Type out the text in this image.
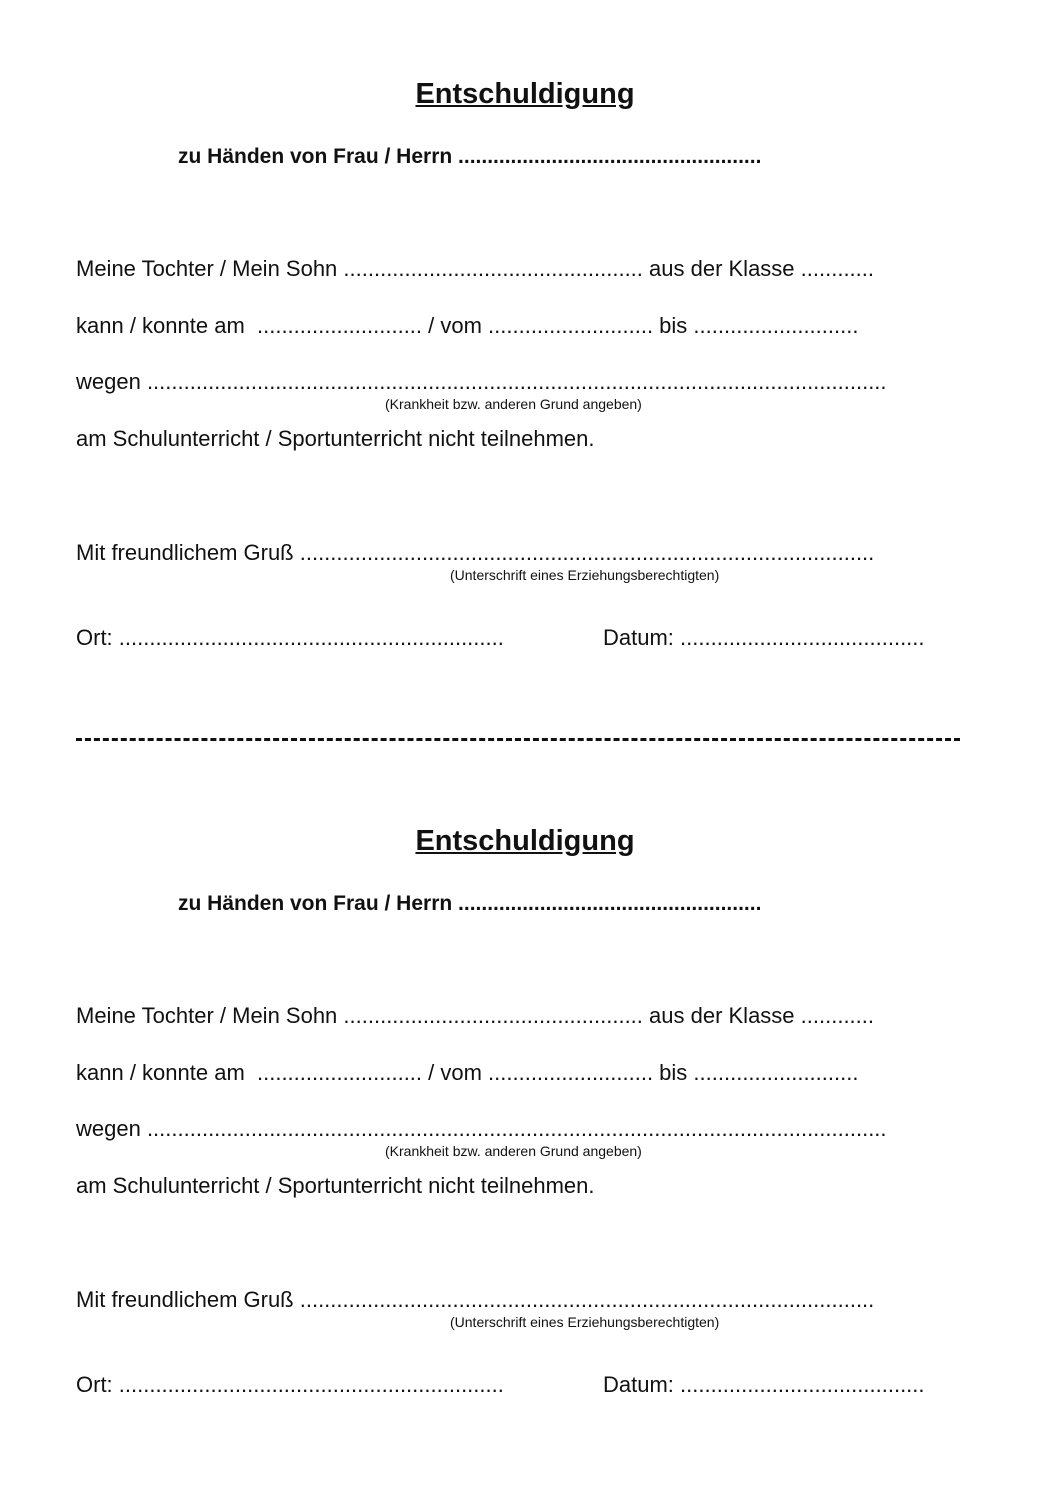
Entschuldigung
zu Händen von Frau / Herrn ....................................................
Meine Tochter / Mein Sohn ................................................. aus der Klasse ............
kann / konnte am  ........................... / vom ........................... bis ...........................
wegen .........................................................................................................................
(Krankheit bzw. anderen Grund angeben)
am Schulunterricht / Sportunterricht nicht teilnehmen.
Mit freundlichem Gruß ..............................................................................................
(Unterschrift eines Erziehungsberechtigten)
Ort: ...............................................................	Datum: ........................................
Entschuldigung
zu Händen von Frau / Herrn ....................................................
Meine Tochter / Mein Sohn ................................................. aus der Klasse ............
kann / konnte am  ........................... / vom ........................... bis ...........................
wegen .........................................................................................................................
(Krankheit bzw. anderen Grund angeben)
am Schulunterricht / Sportunterricht nicht teilnehmen.
Mit freundlichem Gruß ..............................................................................................
(Unterschrift eines Erziehungsberechtigten)
Ort: ...............................................................	Datum: ........................................
